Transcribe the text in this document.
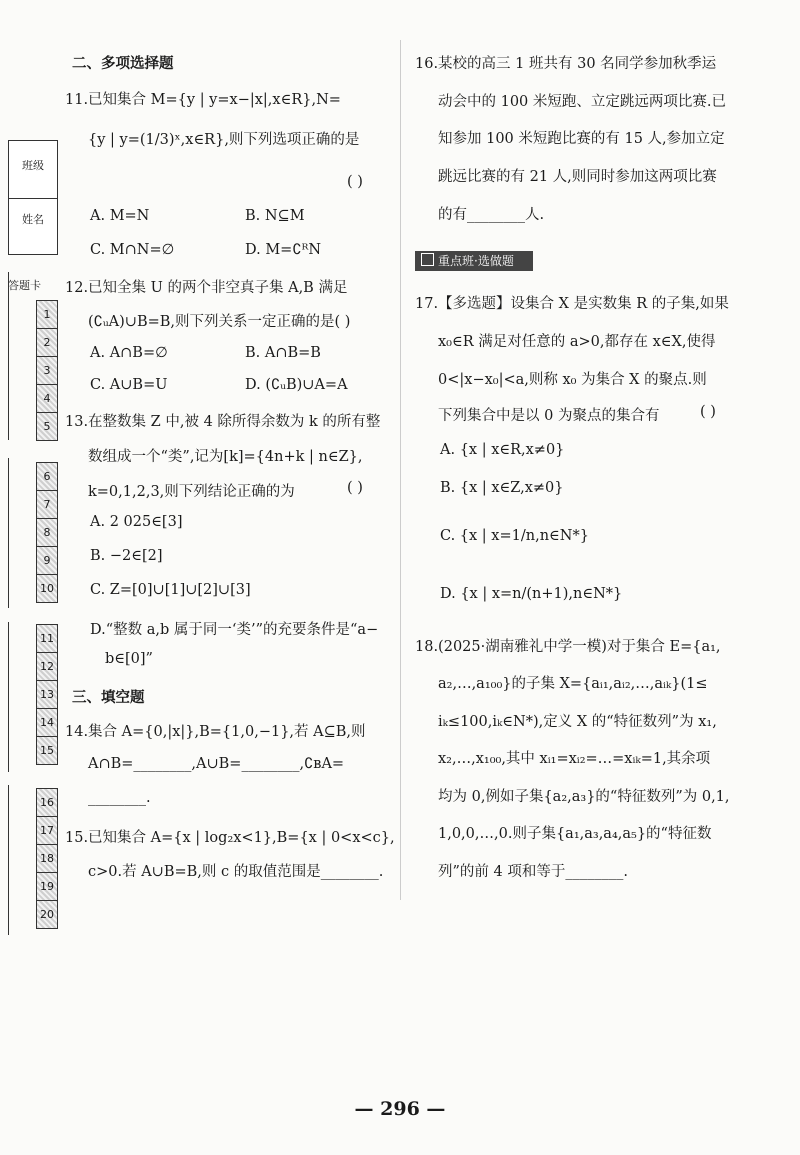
二、多项选择题
11.已知集合 M={y | y=x−|x|,x∈R},N=
{y | y=(1/3)ˣ,x∈R},则下列选项正确的是
( )
A. M=N	B. N⊆M
C. M∩N=∅	D. M=∁ᴿN
12.已知全集 U 的两个非空真子集 A,B 满足
(∁ᵤA)∪B=B,则下列关系一定正确的是( )
A. A∩B=∅	B. A∩B=B
C. A∪B=U	D. (∁ᵤB)∪A=A
13.在整数集 Z 中,被 4 除所得余数为 k 的所有整
数组成一个“类”,记为[k]={4n+k | n∈Z},
k=0,1,2,3,则下列结论正确的为	( )
A. 2 025∈[3]
B. −2∈[2]
C. Z=[0]∪[1]∪[2]∪[3]
D.“整数 a,b 属于同一‘类’”的充要条件是“a−
b∈[0]”
三、填空题
14.集合 A={0,|x|},B={1,0,−1},若 A⊆B,则
A∩B=________,A∪B=________,∁ʙA=
________.
15.已知集合 A={x | log₂x<1},B={x | 0<x<c},
c>0.若 A∪B=B,则 c 的取值范围是________.
16.某校的高三 1 班共有 30 名同学参加秋季运
动会中的 100 米短跑、立定跳远两项比赛.已
知参加 100 米短跑比赛的有 15 人,参加立定
跳远比赛的有 21 人,则同时参加这两项比赛
的有________人.
重点班·选做题
17.【多选题】设集合 X 是实数集 R 的子集,如果
x₀∈R 满足对任意的 a>0,都存在 x∈X,使得
0<|x−x₀|<a,则称 x₀ 为集合 X 的聚点.则
下列集合中是以 0 为聚点的集合有	( )
A. {x | x∈R,x≠0}
B. {x | x∈Z,x≠0}
C. {x | x=1/n,n∈N*}
D. {x | x=n/(n+1),n∈N*}
18.(2025·湖南雅礼中学一模)对于集合 E={a₁,
a₂,…,a₁₀₀}的子集 X={aᵢ₁,aᵢ₂,…,aᵢₖ}(1≤
iₖ≤100,iₖ∈N*),定义 X 的“特征数列”为 x₁,
x₂,…,x₁₀₀,其中 xᵢ₁=xᵢ₂=…=xᵢₖ=1,其余项
均为 0,例如子集{a₂,a₃}的“特征数列”为 0,1,
1,0,0,…,0.则子集{a₁,a₃,a₄,a₅}的“特征数
列”的前 4 项和等于________.
班级
姓名
答题卡
1
2
3
4
5
6
7
8
9
10
11
12
13
14
15
16
17
18
19
20
— 296 —
